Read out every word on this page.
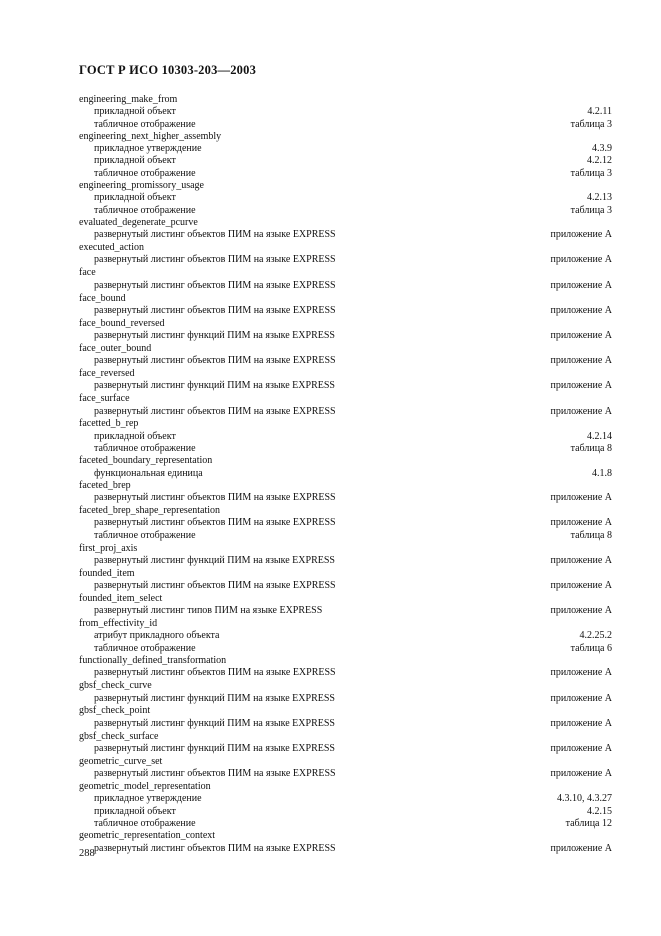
ГОСТ Р ИСО 10303-203—2003
engineering_make_from
прикладной объект	4.2.11
табличное отображение	таблица 3
engineering_next_higher_assembly
прикладное утверждение	4.3.9
прикладной объект	4.2.12
табличное отображение	таблица 3
engineering_promissory_usage
прикладной объект	4.2.13
табличное отображение	таблица 3
evaluated_degenerate_pcurve
развернутый листинг объектов ПИМ на языке EXPRESS	приложение А
executed_action
развернутый листинг объектов ПИМ на языке EXPRESS	приложение А
face
развернутый листинг объектов ПИМ на языке EXPRESS	приложение А
face_bound
развернутый листинг объектов ПИМ на языке EXPRESS	приложение А
face_bound_reversed
развернутый листинг функций ПИМ на языке EXPRESS	приложение А
face_outer_bound
развернутый листинг объектов ПИМ на языке EXPRESS	приложение А
face_reversed
развернутый листинг функций ПИМ на языке EXPRESS	приложение А
face_surface
развернутый листинг объектов ПИМ на языке EXPRESS	приложение А
facetted_b_rep
прикладной объект	4.2.14
табличное отображение	таблица 8
faceted_boundary_representation
функциональная единица	4.1.8
faceted_brep
развернутый листинг объектов ПИМ на языке EXPRESS	приложение А
faceted_brep_shape_representation
развернутый листинг объектов ПИМ на языке EXPRESS	приложение А
табличное отображение	таблица 8
first_proj_axis
развернутый листинг функций ПИМ на языке EXPRESS	приложение А
founded_item
развернутый листинг объектов ПИМ на языке EXPRESS	приложение А
founded_item_select
развернутый листинг типов ПИМ на языке EXPRESS	приложение А
from_effectivity_id
атрибут прикладного объекта	4.2.25.2
табличное отображение	таблица 6
functionally_defined_transformation
развернутый листинг объектов ПИМ на языке EXPRESS	приложение А
gbsf_check_curve
развернутый листинг функций ПИМ на языке EXPRESS	приложение А
gbsf_check_point
развернутый листинг функций ПИМ на языке EXPRESS	приложение А
gbsf_check_surface
развернутый листинг функций ПИМ на языке EXPRESS	приложение А
geometric_curve_set
развернутый листинг объектов ПИМ на языке EXPRESS	приложение А
geometric_model_representation
прикладное утверждение	4.3.10, 4.3.27
прикладной объект	4.2.15
табличное отображение	таблица 12
geometric_representation_context
развернутый листинг объектов ПИМ на языке EXPRESS	приложение А
288
